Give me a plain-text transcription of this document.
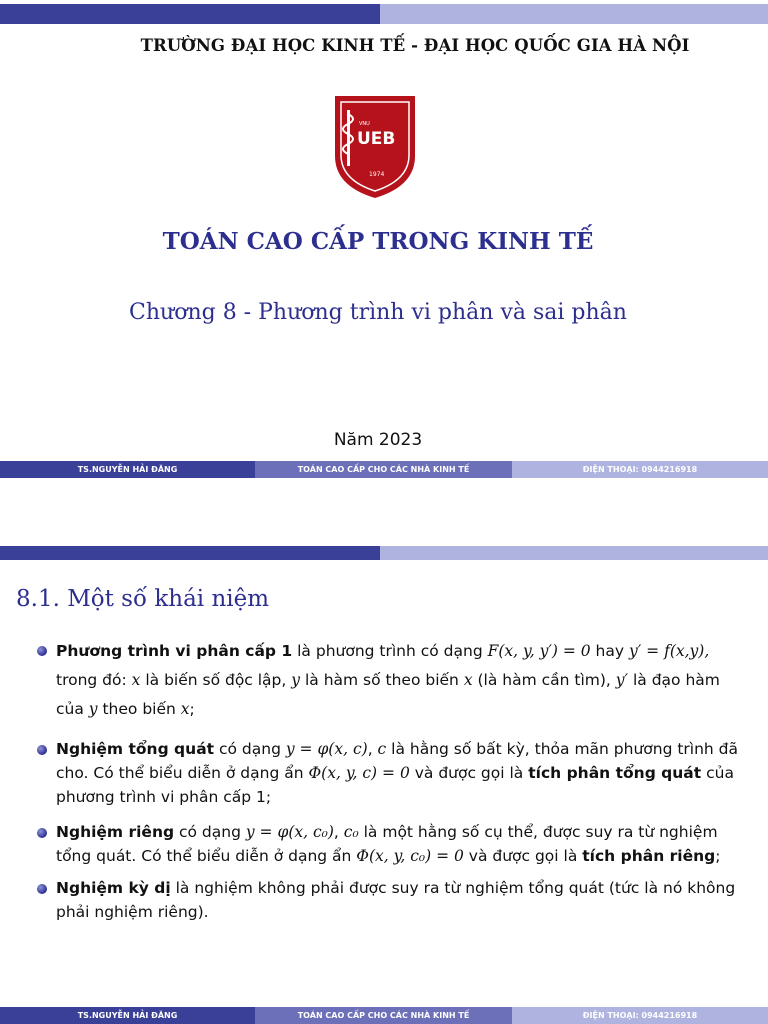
TRƯỜNG ĐẠI HỌC KINH TẾ - ĐẠI HỌC QUỐC GIA HÀ NỘI
VNU
UEB
1974
TOÁN CAO CẤP TRONG KINH TẾ
Chương 8 - Phương trình vi phân và sai phân
Năm 2023
TS.NGUYỄN HẢI ĐĂNG	TOÁN CAO CẤP CHO CÁC NHÀ KINH TẾ	ĐIỆN THOẠI: 0944216918
8.1. Một số khái niệm
Phương trình vi phân cấp 1 là phương trình có dạng F(x, y, y′) = 0 hay y′ = f(x,y),
trong đó: x là biến số độc lập, y là hàm số theo biến x (là hàm cần tìm), y′ là đạo hàm
của y theo biến x;
Nghiệm tổng quát có dạng y = φ(x, c), c là hằng số bất kỳ, thỏa mãn phương trình đã cho. Có thể biểu diễn ở dạng ẩn Φ(x, y, c) = 0 và được gọi là tích phân tổng quát của phương trình vi phân cấp 1;
Nghiệm riêng có dạng y = φ(x, c₀), c₀ là một hằng số cụ thể, được suy ra từ nghiệm tổng quát. Có thể biểu diễn ở dạng ẩn Φ(x, y, c₀) = 0 và được gọi là tích phân riêng;
Nghiệm kỳ dị là nghiệm không phải được suy ra từ nghiệm tổng quát (tức là nó không phải nghiệm riêng).
TS.NGUYỄN HẢI ĐĂNG	TOÁN CAO CẤP CHO CÁC NHÀ KINH TẾ	ĐIỆN THOẠI: 0944216918
